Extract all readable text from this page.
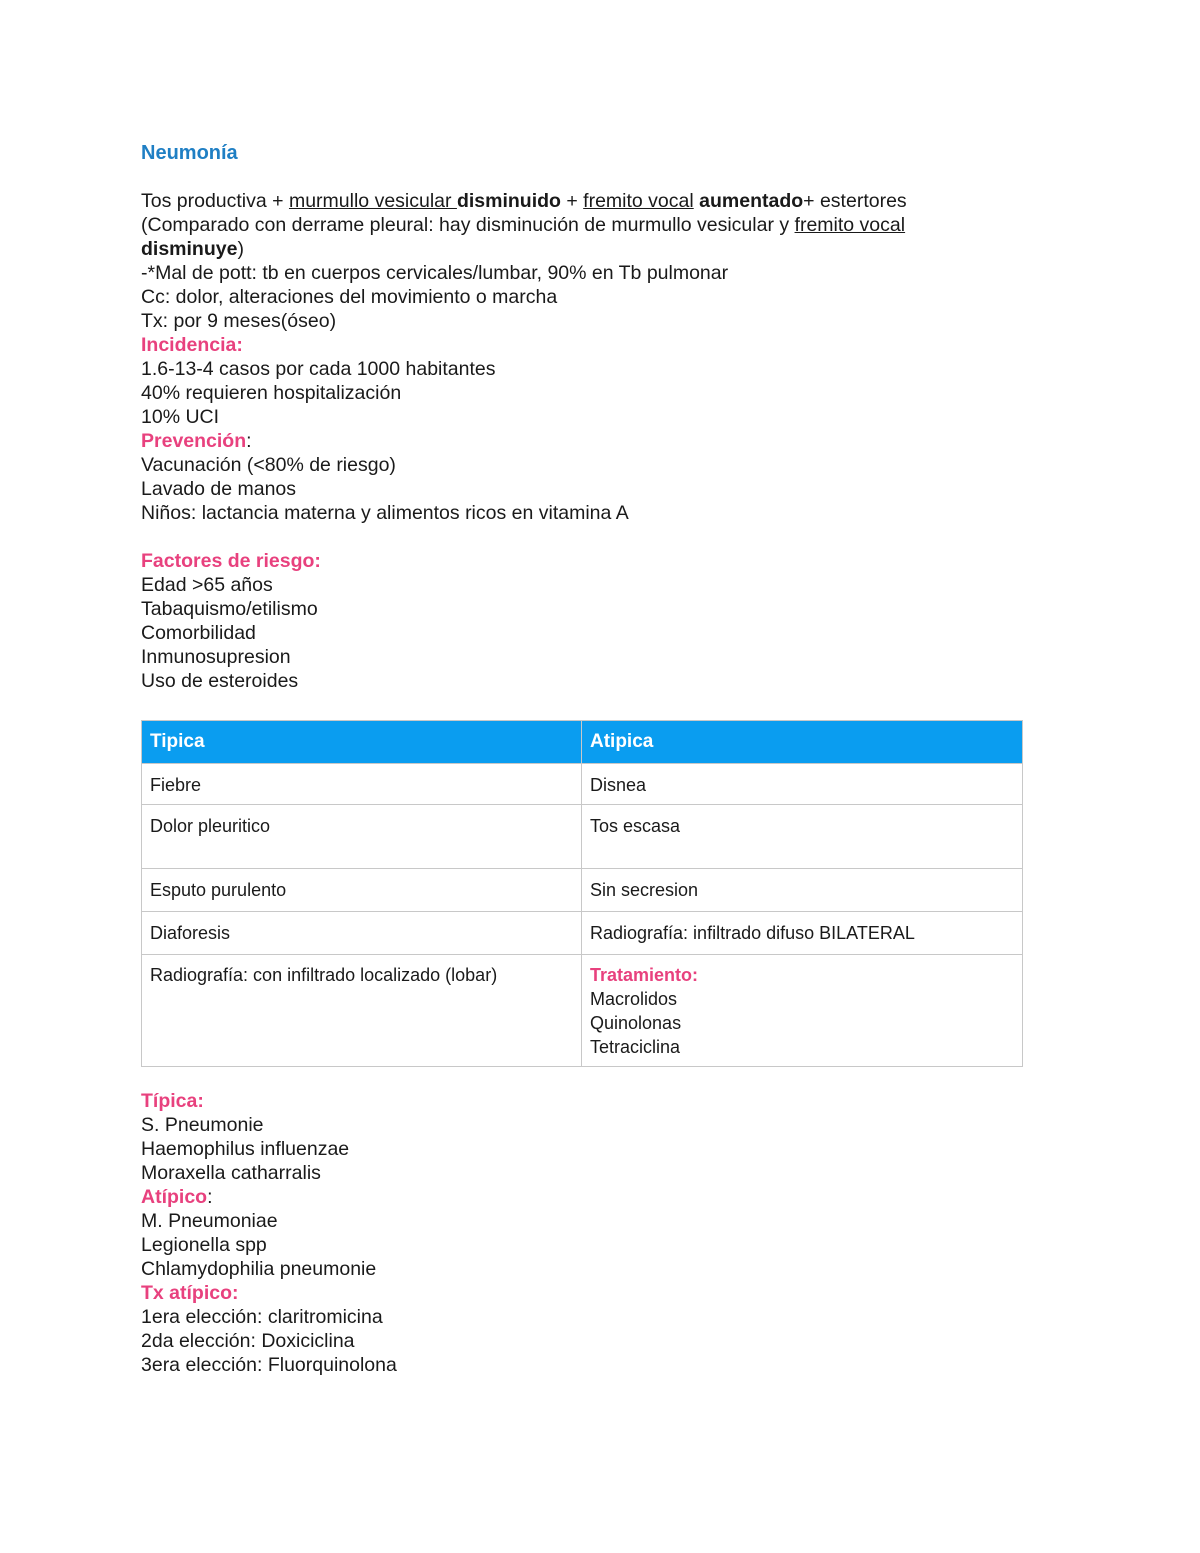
Neumonía
Tos productiva + murmullo vesicular disminuido + fremito vocal aumentado+ estertores
(Comparado con derrame pleural: hay disminución de murmullo vesicular y fremito vocal
disminuye)
-*Mal de pott: tb en cuerpos cervicales/lumbar, 90% en Tb pulmonar
Cc: dolor, alteraciones del movimiento o marcha
Tx: por 9 meses(óseo)
Incidencia:
1.6-13-4 casos por cada 1000 habitantes
40% requieren hospitalización
10% UCI
Prevención:
Vacunación (<80% de riesgo)
Lavado de manos
Niños: lactancia materna y alimentos ricos en vitamina A
Factores de riesgo:
Edad >65 años
Tabaquismo/etilismo
Comorbilidad
Inmunosupresion
Uso de esteroides
Tipica	Atipica
Fiebre	Disnea
Dolor pleuritico	Tos escasa
Esputo purulento	Sin secresion
Diaforesis	Radiografía: infiltrado difuso BILATERAL
Radiografía: con infiltrado localizado (lobar)	Tratamiento:
Macrolidos
Quinolonas
Tetraciclina
Típica:
S. Pneumonie
Haemophilus influenzae
Moraxella catharralis
Atípico:
M. Pneumoniae
Legionella spp
Chlamydophilia pneumonie
Tx atípico:
1era elección: claritromicina
2da elección: Doxiciclina
3era elección: Fluorquinolona
